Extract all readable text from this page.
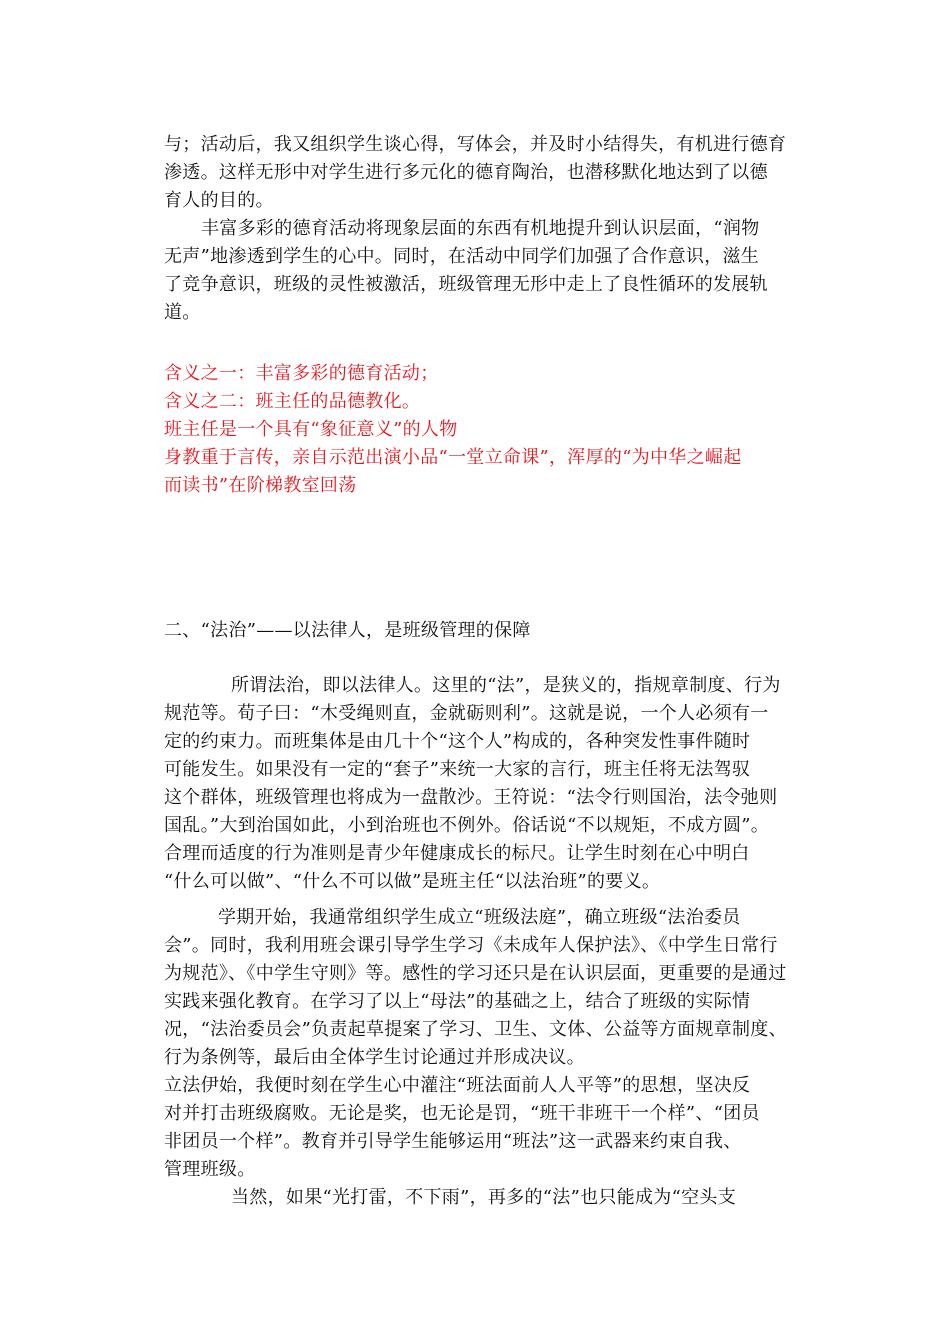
与；活动后，我又组织学生谈心得，写体会，并及时小结得失，有机进行德育
渗透。这样无形中对学生进行多元化的德育陶治，也潜移默化地达到了以德
育人的目的。
丰富多彩的德育活动将现象层面的东西有机地提升到认识层面，“润物
无声”地渗透到学生的心中。同时，在活动中同学们加强了合作意识，滋生
了竞争意识，班级的灵性被激活，班级管理无形中走上了良性循环的发展轨
道。
含义之一：丰富多彩的德育活动；
含义之二：班主任的品德教化。
班主任是一个具有“象征意义”的人物
身教重于言传，亲自示范出演小品“一堂立命课”，浑厚的“为中华之崛起
而读书”在阶梯教室回荡
二、“法治”——以法律人，是班级管理的保障
所谓法治，即以法律人。这里的“法”，是狭义的，指规章制度、行为
规范等。荀子曰：“木受绳则直，金就砺则利”。这就是说，一个人必须有一
定的约束力。而班集体是由几十个“这个人”构成的，各种突发性事件随时
可能发生。如果没有一定的“套子”来统一大家的言行，班主任将无法驾驭
这个群体，班级管理也将成为一盘散沙。王符说：“法令行则国治，法令弛则
国乱。”大到治国如此，小到治班也不例外。俗话说“不以规矩，不成方圆”。
合理而适度的行为准则是青少年健康成长的标尺。让学生时刻在心中明白
“什么可以做”、“什么不可以做”是班主任“以法治班”的要义。
学期开始，我通常组织学生成立“班级法庭”，确立班级“法治委员
会”。同时，我利用班会课引导学生学习《未成年人保护法》、《中学生日常行
为规范》、《中学生守则》等。感性的学习还只是在认识层面，更重要的是通过
实践来强化教育。在学习了以上“母法”的基础之上，结合了班级的实际情
况，“法治委员会”负责起草提案了学习、卫生、文体、公益等方面规章制度、
行为条例等，最后由全体学生讨论通过并形成决议。
立法伊始，我便时刻在学生心中灌注“班法面前人人平等”的思想，坚决反
对并打击班级腐败。无论是奖，也无论是罚，“班干非班干一个样”、“团员
非团员一个样”。教育并引导学生能够运用“班法”这一武器来约束自我、
管理班级。
当然，如果“光打雷，不下雨”，再多的“法”也只能成为“空头支
